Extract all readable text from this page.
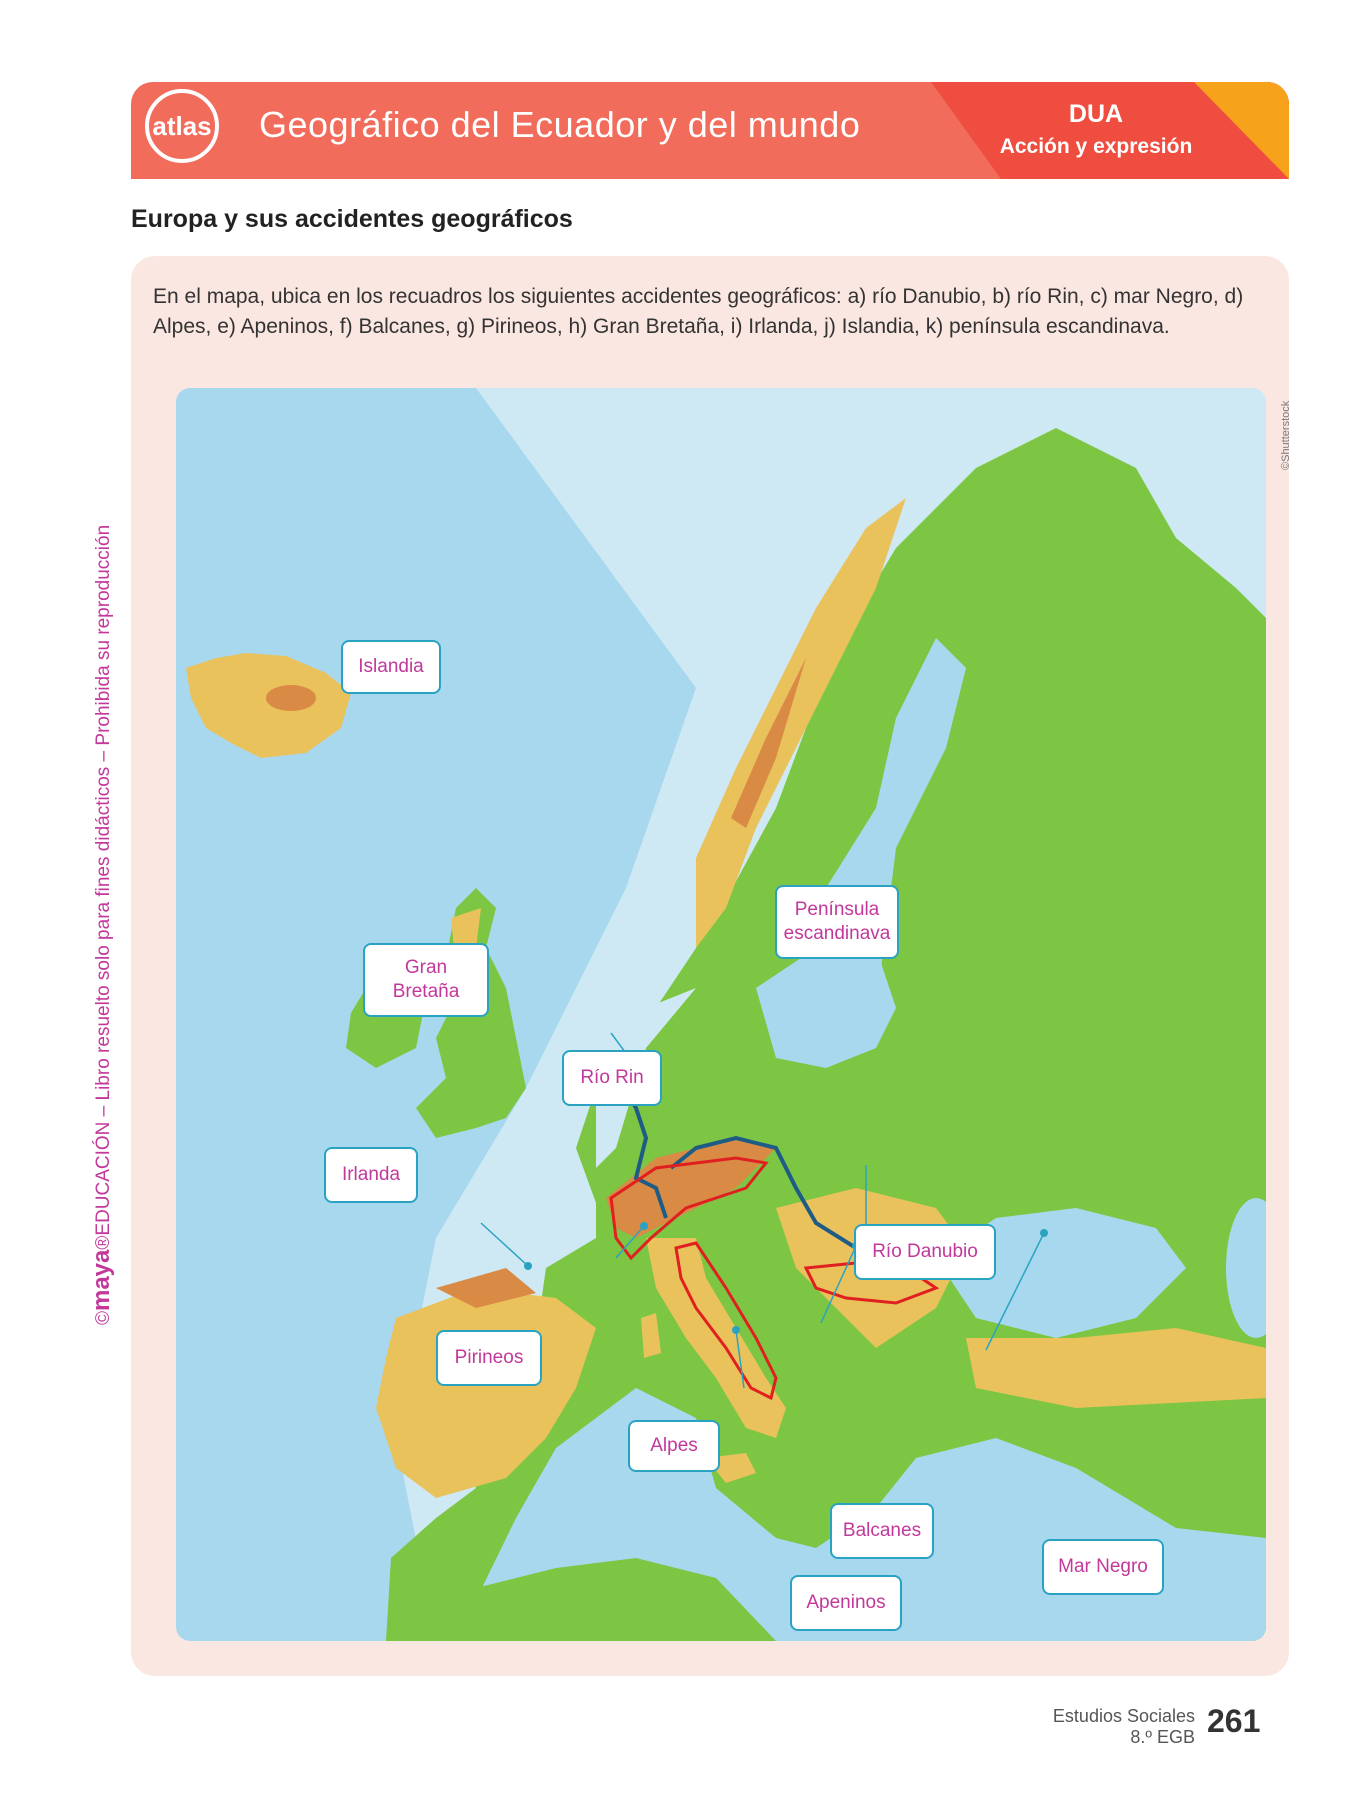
atlas Geográfico del Ecuador y del mundo	DUA
Acción y expresión
Europa y sus accidentes geográficos
En el mapa, ubica en los recuadros los siguientes accidentes geográficos: a) río Danubio, b) río Rin, c) mar Negro, d) Alpes, e) Apeninos, f) Balcanes, g) Pirineos, h) Gran Bretaña, i) Irlanda, j) Islandia, k) península escandinava.
Islandia
Península
escandinava
Gran
Bretaña
Río Rin
Irlanda
Río Danubio
Pirineos
Alpes
Balcanes
Mar Negro
Apeninos
©Shutterstock
©maya®EDUCACIÓN – Libro resuelto solo para fines didácticos – Prohibida su reproducción
Estudios Sociales
8.º EGB 261
